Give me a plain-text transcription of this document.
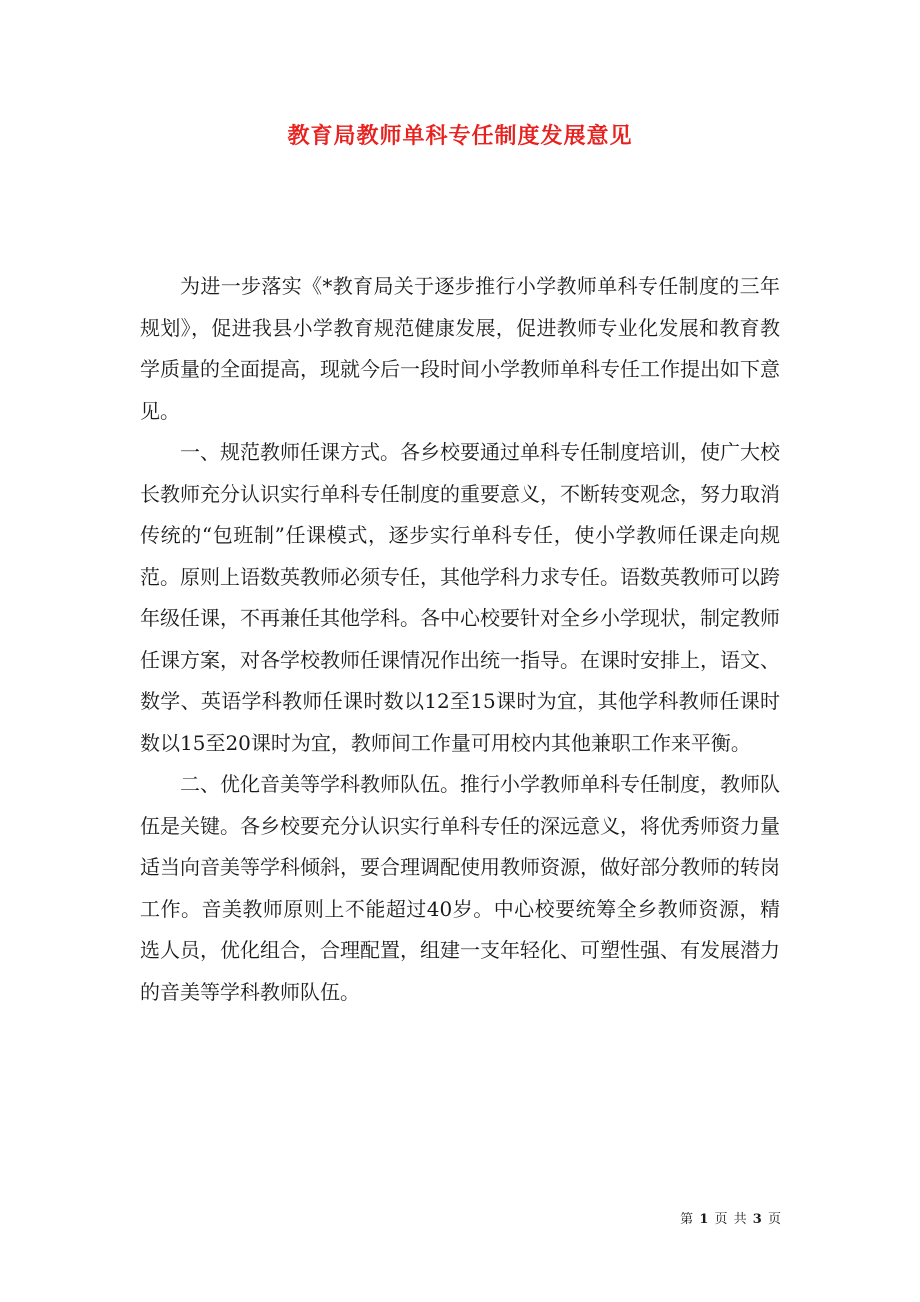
教育局教师单科专任制度发展意见

为进一步落实《*教育局关于逐步推行小学教师单科专任制度的三年规划》，促进我县小学教育规范健康发展，促进教师专业化发展和教育教学质量的全面提高，现就今后一段时间小学教师单科专任工作提出如下意见。

一、规范教师任课方式。各乡校要通过单科专任制度培训，使广大校长教师充分认识实行单科专任制度的重要意义，不断转变观念，努力取消传统的“包班制”任课模式，逐步实行单科专任，使小学教师任课走向规范。原则上语数英教师必须专任，其他学科力求专任。语数英教师可以跨年级任课，不再兼任其他学科。各中心校要针对全乡小学现状，制定教师任课方案，对各学校教师任课情况作出统一指导。在课时安排上，语文、数学、英语学科教师任课时数以12至15课时为宜，其他学科教师任课时数以15至20课时为宜，教师间工作量可用校内其他兼职工作来平衡。

二、优化音美等学科教师队伍。推行小学教师单科专任制度，教师队伍是关键。各乡校要充分认识实行单科专任的深远意义，将优秀师资力量适当向音美等学科倾斜，要合理调配使用教师资源，做好部分教师的转岗工作。音美教师原则上不能超过40岁。中心校要统筹全乡教师资源，精选人员，优化组合，合理配置，组建一支年轻化、可塑性强、有发展潜力的音美等学科教师队伍。

第 1 页 共 3 页
